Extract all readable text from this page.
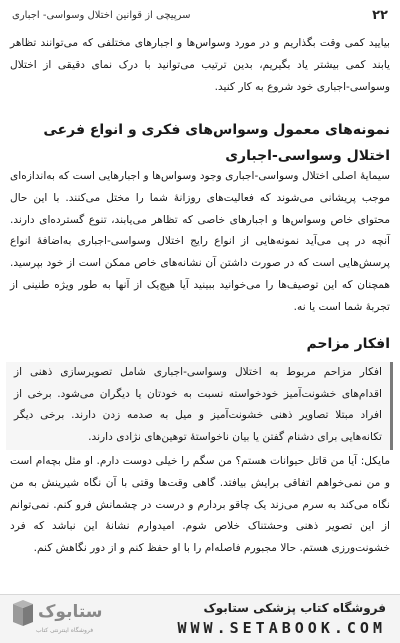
۲۲
سرپیچی از قوانین اختلال وسواسی- اجباری
بیایید کمی وقت بگذاریم و در مورد وسواس‌ها و اجبارهای مختلفی که می‌توانند تظاهر یابند کمی بیشتر یاد بگیریم، بدین ترتیب می‌توانید با درک نمای دقیقی از اختلال وسواسی-اجباری خود شروع به کار کنید.
نمونه‌های معمول وسواس‌های فکری و انواع فرعی اختلال وسواسی-اجباری
سیمایهٔ اصلی اختلال وسواسی-اجباری وجود وسواس‌ها و اجبارهایی است که به‌اندازه‌ای موجب پریشانی می‌شوند که فعالیت‌های روزانهٔ شما را مختل می‌کنند. با این حال محتوای خاص وسواس‌ها و اجبارهای خاصی که تظاهر می‌یابند، تنوع گسترده‌ای دارند. آنچه در پی می‌آید نمونه‌هایی از انواع رایج اختلال وسواسی-اجباری به‌اضافهٔ انواع پرسش‌هایی است که در صورت داشتن آن نشانه‌های خاص ممکن است از خود بپرسید. همچنان که این توصیف‌ها را می‌خوانید ببینید آیا هیچ‌یک از آنها به طور ویژه طنینی از تجربهٔ شما است یا نه.
افکار مزاحم
افکار مزاحم مربوط به اختلال وسواسی-اجباری شامل تصویرسازی ذهنی از اقدام‌های خشونت‌آمیز خودخواسته نسبت به خودتان یا دیگران می‌شود. برخی از افراد مبتلا تصاویر ذهنی خشونت‌آمیز و میل به صدمه زدن دارند. برخی دیگر تکانه‌هایی برای دشنام گفتن یا بیان ناخواستهٔ توهین‌های نژادی دارند.
مایکل: آیا من قاتل حیوانات هستم؟ من سگم را خیلی دوست دارم. او مثل بچه‌ام است و من نمی‌خواهم اتفاقی برایش بیافتد. گاهی وقت‌ها وقتی با آن نگاه شیرینش به من نگاه می‌کند به سرم می‌زند یک چاقو بردارم و درست در چشمانش فرو کنم. نمی‌توانم از این تصویر ذهنی وحشتناک خلاص شوم. امیدوارم نشانهٔ این نباشد که فرد خشونت‌ورزی هستم. حالا مجبورم فاصله‌ام را با او حفظ کنم و از دور نگاهش کنم.
ستابوک
فروشگاه اینترنتی کتاب
فروشگاه کتاب پزشکی ستابوک
WWW.SETABOOK.COM
